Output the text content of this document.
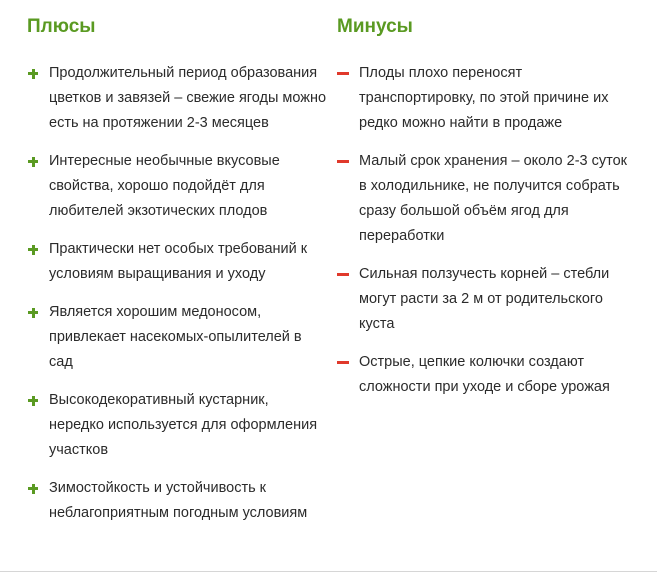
Плюсы
Продолжительный период образования цветков и завязей – свежие ягоды можно есть на протяжении 2-3 месяцев
Интересные необычные вкусовые свойства, хорошо подойдёт для любителей экзотических плодов
Практически нет особых требований к условиям выращивания и уходу
Является хорошим медоносом, привлекает насекомых-опылителей в сад
Высокодекоративный кустарник, нередко используется для оформления участков
Зимостойкость и устойчивость к неблагоприятным погодным условиям
Минусы
Плоды плохо переносят транспортировку, по этой причине их редко можно найти в продаже
Малый срок хранения – около 2-3 суток в холодильнике, не получится собрать сразу большой объём ягод для переработки
Сильная ползучесть корней – стебли могут расти за 2 м от родительского куста
Острые, цепкие колючки создают сложности при уходе и сборе урожая
